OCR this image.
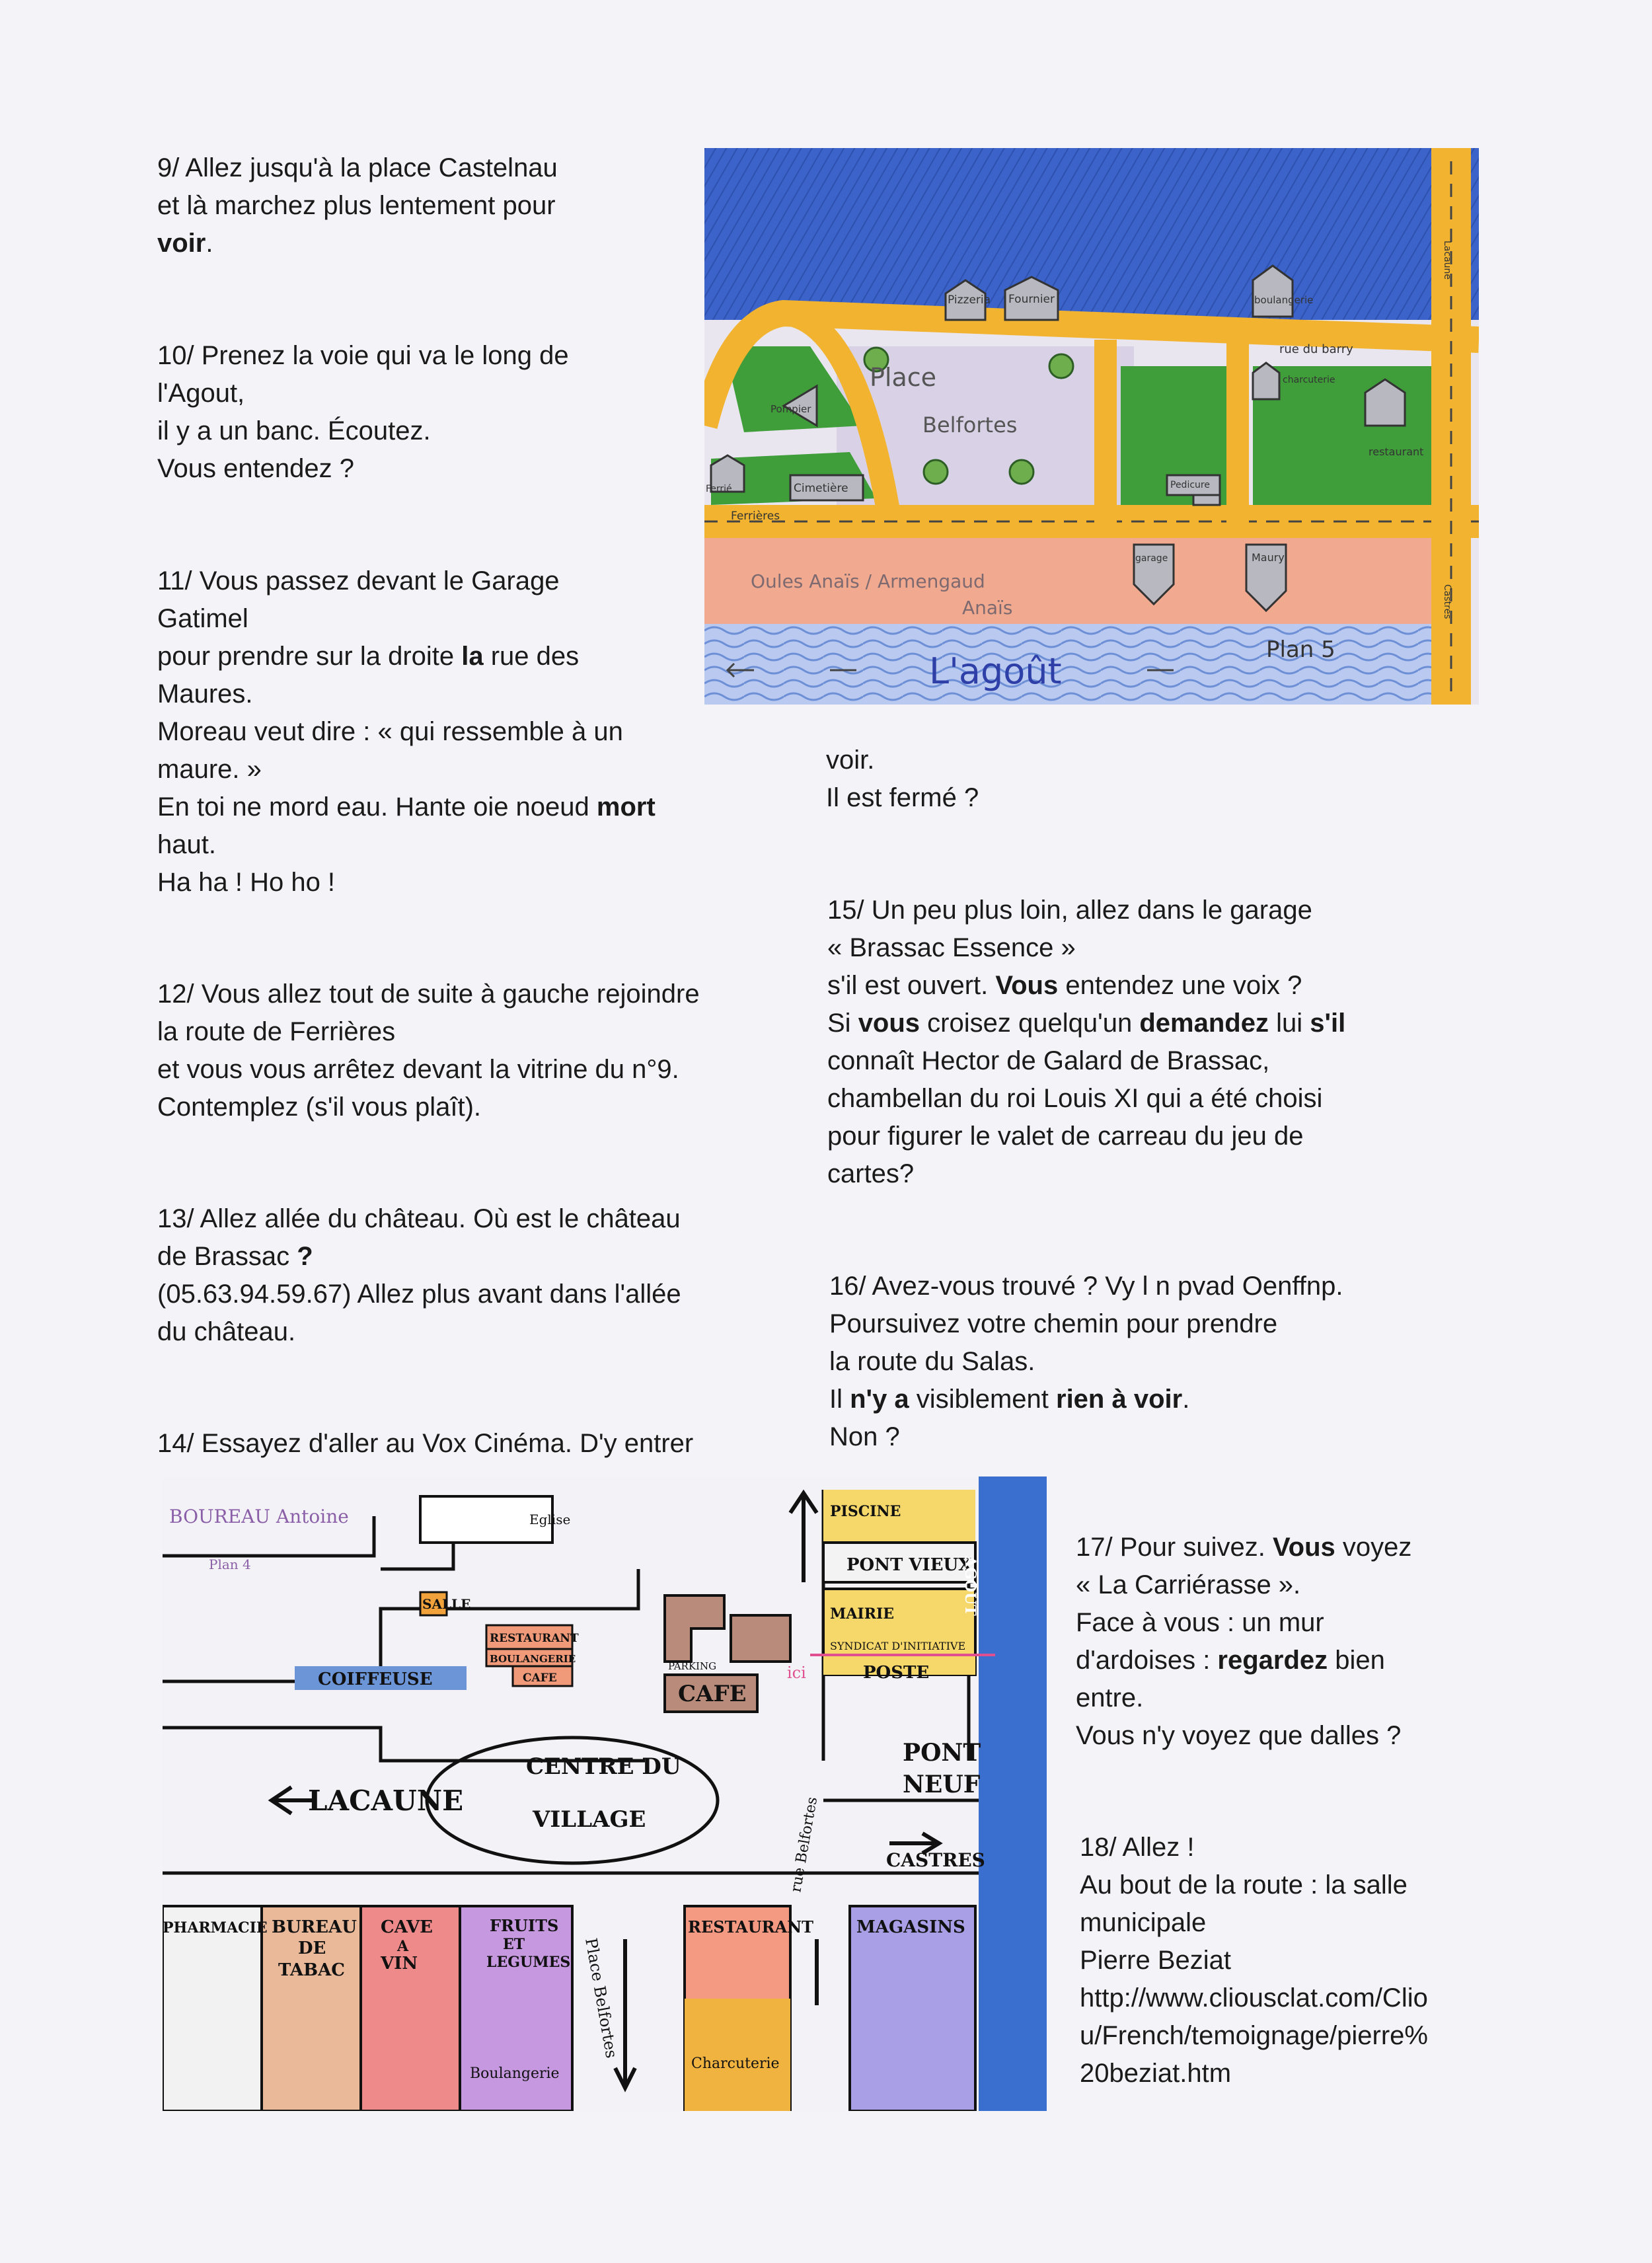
9/ Allez jusqu'à la place Castelnau

et là marchez plus lentement pour

voir.

10/ Prenez la voie qui va le long de

l'Agout,

il y a un banc. Écoutez.

Vous entendez ?

11/ Vous passez devant le Garage

Gatimel

pour prendre sur la droite la rue des

Maures.

Moreau veut dire : « qui ressemble à un

maure. »

En toi ne mord eau. Hante oie noeud mort

haut.

Ha ha ! Ho ho !

12/ Vous allez tout de suite à gauche rejoindre

la route de Ferrières

et vous vous arrêtez devant la vitrine du n°9.

Contemplez (s'il vous plaît).

13/ Allez allée du château. Où est le château

de Brassac ?

(05.63.94.59.67) Allez plus avant dans l'allée

du château.

14/ Essayez d'aller au Vox Cinéma. D'y entrer

voir.

Il est fermé ?

15/ Un peu plus loin, allez dans le garage

« Brassac Essence »

s'il est ouvert. Vous entendez une voix ?

Si vous croisez quelqu'un demandez lui s'il

connaît Hector de Galard de Brassac,

chambellan du roi Louis XI qui a été choisi

pour figurer le valet de carreau du jeu de

cartes?

16/ Avez-vous trouvé ? Vy l n pvad Oenffnp.

Poursuivez votre chemin pour prendre

la route du Salas.

Il n'y a visiblement rien à voir.

Non ?

17/ Pour suivez. Vous voyez

« La Carriérasse ».

Face à vous : un mur

d'ardoises : regardez bien

entre.

Vous n'y voyez que dalles ?

18/ Allez !

Au bout de la route : la salle

municipale

Pierre Beziat

http://www.cliousclat.com/Clio

u/French/temoignage/pierre%

20beziat.htm

Pizzeria Fournier	boulangerie
rue du barry
charcuterie
restaurant
Pompier
Cimetière
Ferrié
Ferrières
Pedicure
garage	Maury
Lacaune
Castres
Place
Belfortes
Oules Anaïs / Armengaud
Anaïs
L'agoût
Plan 5
BOUREAU Antoine
Plan 4
Eglise	PISCINE
PONT VIEUX
SALLE
RESTAURANT
BOULANGERIE
CAFE
COIFFEUSE
PARKING
CAFE
ici
MAIRIE
SYNDICAT D'INITIATIVE
POSTE
AGOUT
PONT
NEUF
CENTRE DU
VILLAGE
LACAUNE
CASTRES
PHARMACIE BUREAU
DE
TABAC
CAVE
A
VIN
FRUITS
ET
LEGUMES
Boulangerie
Place Belfortes
rue Belfortes
RESTAURANT
Charcuterie
MAGASINS
